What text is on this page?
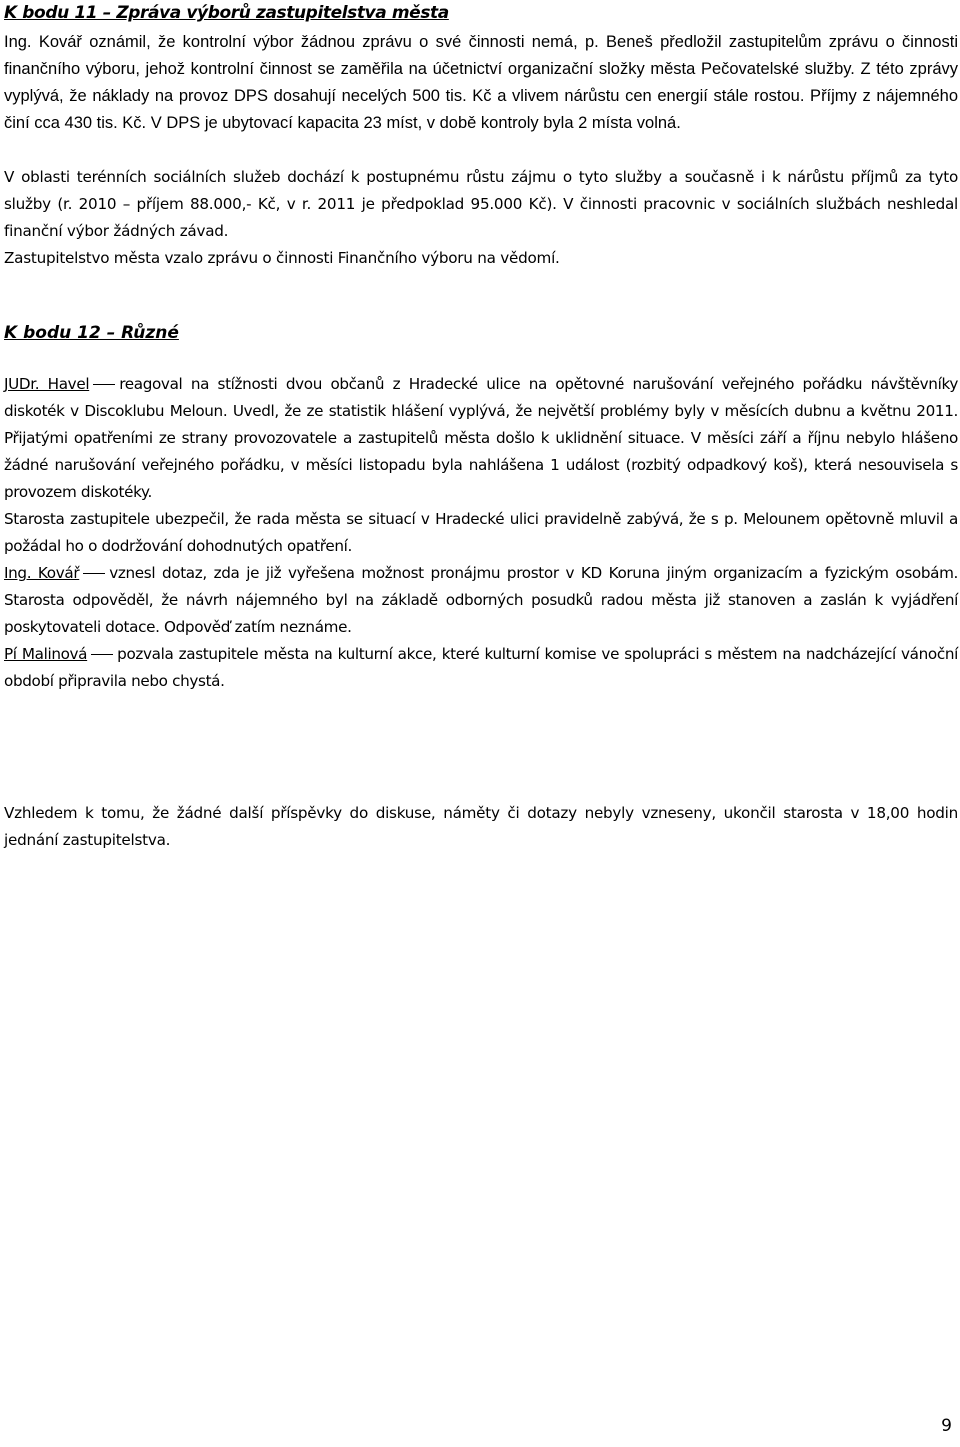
K bodu 11 – Zpráva výborů zastupitelstva města

Ing. Kovář oznámil, že kontrolní výbor žádnou zprávu o své činnosti nemá, p. Beneš předložil zastupitelům zprávu o činnosti finančního výboru, jehož kontrolní činnost se zaměřila na účetnictví organizační složky města Pečovatelské služby. Z této zprávy vyplývá, že náklady na provoz DPS dosahují necelých 500 tis. Kč a vlivem nárůstu cen energií stále rostou. Příjmy z nájemného činí cca 430 tis. Kč. V DPS je ubytovací kapacita 23 míst, v době kontroly byla 2 místa volná.

V oblasti terénních sociálních služeb dochází k postupnému růstu zájmu o tyto služby a současně i k nárůstu příjmů za tyto služby (r. 2010 – příjem 88.000,- Kč, v r. 2011 je předpoklad 95.000 Kč). V činnosti pracovnic v sociálních službách neshledal finanční výbor žádných závad.

Zastupitelstvo města vzalo zprávu o činnosti Finančního výboru na vědomí.

K bodu 12 – Různé

JUDr. Havel reagoval na stížnosti dvou občanů z Hradecké ulice na opětovné narušování veřejného pořádku návštěvníky diskoték v Discoklubu Meloun. Uvedl, že ze statistik hlášení vyplývá, že největší problémy byly v měsících dubnu a květnu 2011. Přijatými opatřeními ze strany provozovatele a zastupitelů města došlo k uklidnění situace. V měsíci září a říjnu nebylo hlášeno žádné narušování veřejného pořádku, v měsíci listopadu byla nahlášena 1 událost (rozbitý odpadkový koš), která nesouvisela s provozem diskotéky.

Starosta zastupitele ubezpečil, že rada města se situací v Hradecké ulici pravidelně zabývá, že s p. Melounem opětovně mluvil a požádal ho o dodržování dohodnutých opatření.

Ing. Kovář vznesl dotaz, zda je již vyřešena možnost pronájmu prostor v KD Koruna jiným organizacím a fyzickým osobám. Starosta odpověděl, že návrh nájemného byl na základě odborných posudků radou města již stanoven a zaslán k vyjádření poskytovateli dotace. Odpověď zatím neznáme.

Pí Malinová pozvala zastupitele města na kulturní akce, které kulturní komise ve spolupráci s městem na nadcházející vánoční období připravila nebo chystá.

Vzhledem k tomu, že žádné další příspěvky do diskuse, náměty či dotazy nebyly vzneseny, ukončil starosta v 18,00 hodin jednání zastupitelstva.

9
